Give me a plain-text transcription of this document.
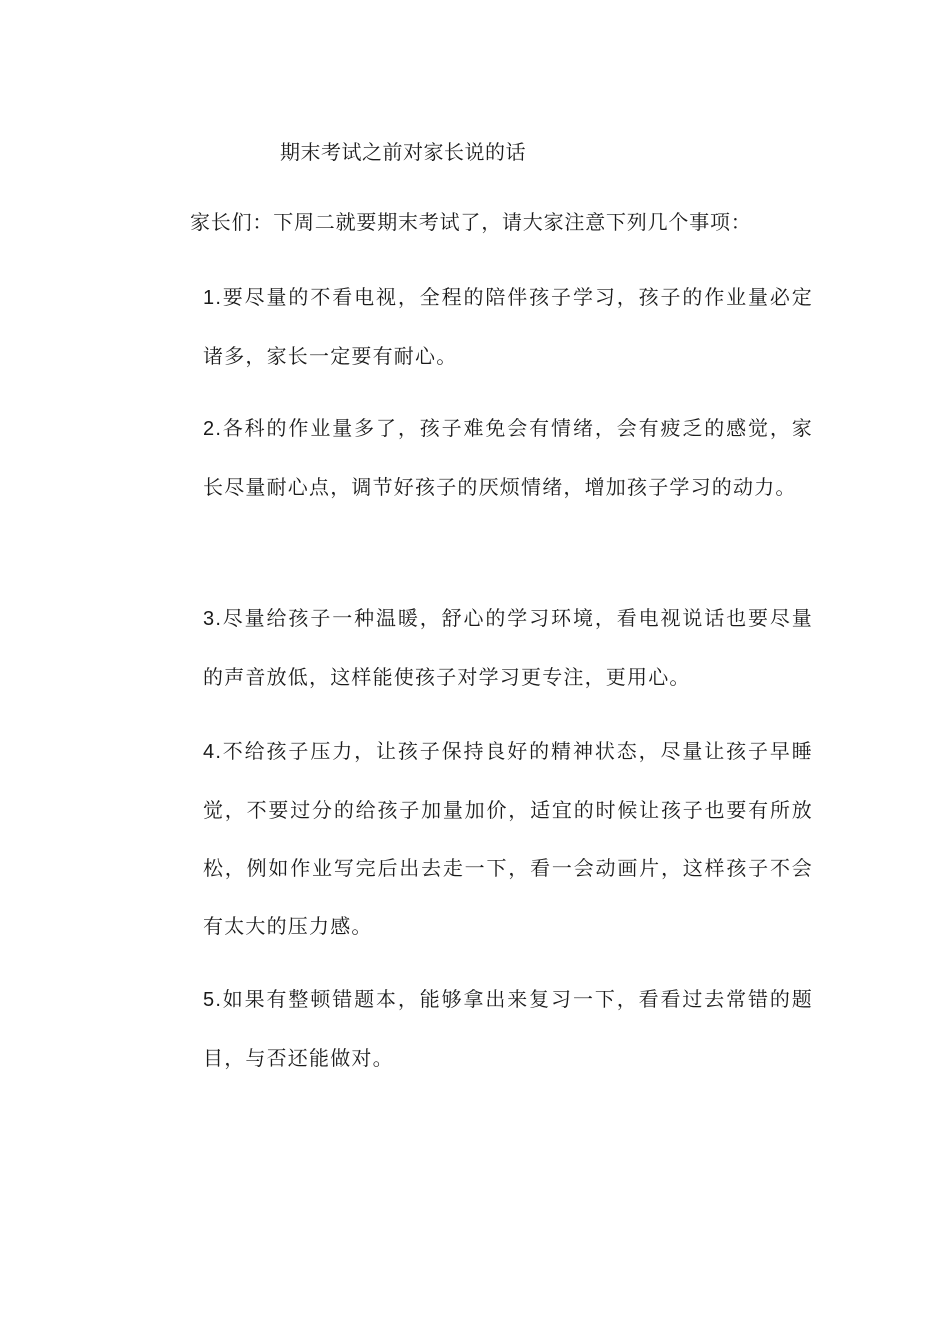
期末考试之前对家长说的话
家长们：下周二就要期末考试了，请大家注意下列几个事项：
1.要尽量的不看电视，全程的陪伴孩子学习，孩子的作业量必定诸多，家长一定要有耐心。
2.各科的作业量多了，孩子难免会有情绪，会有疲乏的感觉，家长尽量耐心点，调节好孩子的厌烦情绪，增加孩子学习的动力。
3.尽量给孩子一种温暖，舒心的学习环境，看电视说话也要尽量的声音放低，这样能使孩子对学习更专注，更用心。
4.不给孩子压力，让孩子保持良好的精神状态，尽量让孩子早睡觉，不要过分的给孩子加量加价，适宜的时候让孩子也要有所放松，例如作业写完后出去走一下，看一会动画片，这样孩子不会有太大的压力感。
5.如果有整顿错题本，能够拿出来复习一下，看看过去常错的题目，与否还能做对。
